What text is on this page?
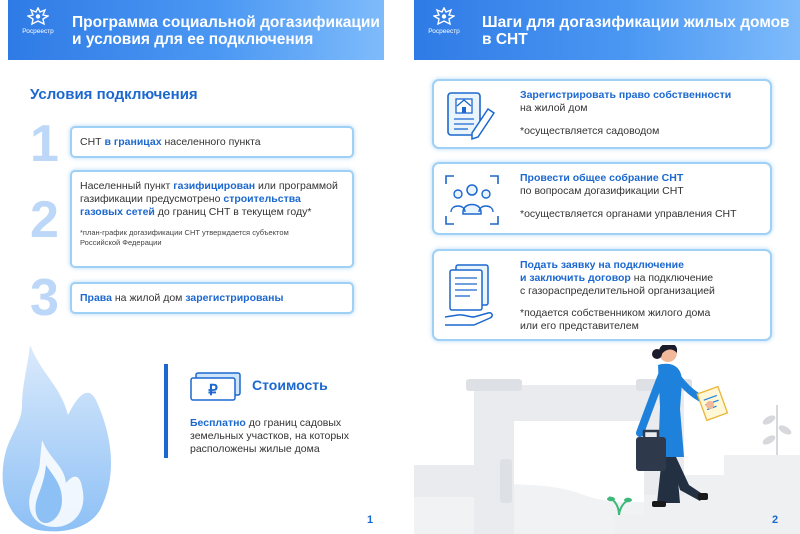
Росреестр
Программа социальной догазификации
и условия для ее подключения
Условия подключения
1	СНТ в границах населенного пункта
2
Населенный пункт газифицирован или программой
газификации предусмотрено строительства
газовых сетей до границ СНТ в текущем году*
*план-график догазификации СНТ утверждается субъектом
Российской Федерации
3	Права на жилой дом зарегистрированы
₽ Стоимость
Бесплатно до границ садовых
земельных участков, на которых
расположены жилые дома
1
Росреестр
Шаги для догазификации жилых домов
в СНТ
Зарегистрировать право собственности
на жилой дом
*осуществляется садоводом
Провести общее собрание СНТ
по вопросам догазификации СНТ
*осуществляется органами управления СНТ
Подать заявку на подключение
и заключить договор на подключение
с газораспределительной организацией
*подается собственником жилого дома
или его представителем
2
